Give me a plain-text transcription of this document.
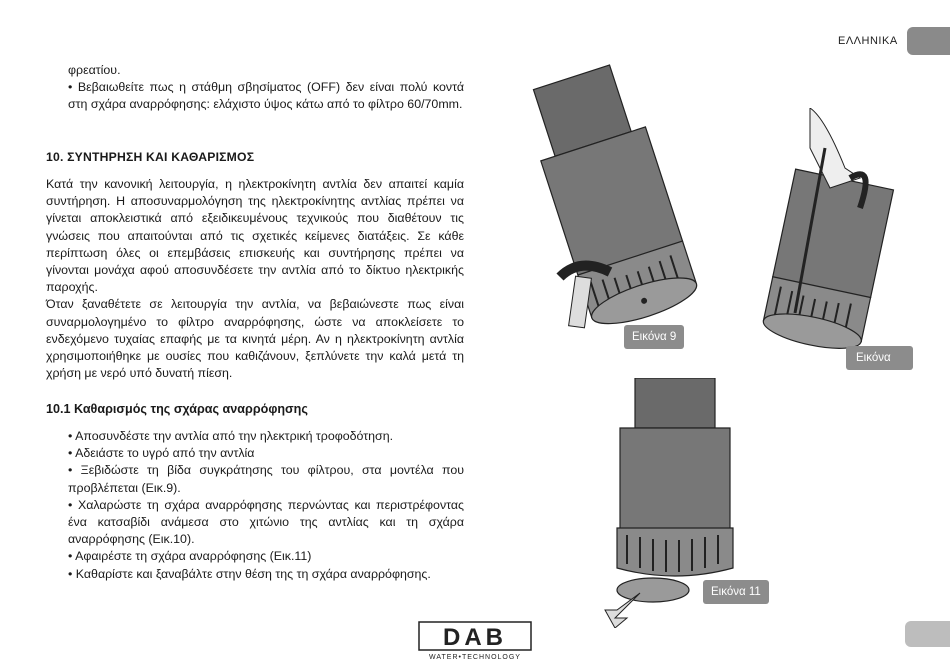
ΕΛΛΗΝΙΚΑ

φρεατίου.

• Βεβαιωθείτε πως η στάθμη σβησίματος (OFF) δεν είναι πολύ κοντά στη σχάρα αναρρόφησης: ελάχιστο ύψος κάτω από το φίλτρο 60/70mm.

10. ΣΥΝΤΗΡΗΣΗ ΚΑΙ ΚΑΘΑΡΙΣΜΟΣ

Κατά την κανονική λειτουργία, η ηλεκτροκίνητη αντλία δεν απαιτεί καμία συντήρηση. Η αποσυναρμολόγηση της ηλεκτροκίνητης αντλίας πρέπει να γίνεται αποκλειστικά από εξειδικευμένους τεχνικούς που διαθέτουν τις γνώσεις που απαιτούνται από τις σχετικές κείμενες διατάξεις. Σε κάθε περίπτωση όλες οι επεμβάσεις επισκευής και συντήρησης πρέπει να γίνονται μονάχα αφού αποσυνδέσετε την αντλία από το δίκτυο ηλεκτρικής παροχής.

Όταν ξαναθέτετε σε λειτουργία την αντλία, να βεβαιώνεστε πως είναι συναρμολογημένο το φίλτρο αναρρόφησης, ώστε να αποκλείσετε το ενδεχόμενο τυχαίας επαφής με τα κινητά μέρη. Αν η ηλεκτροκίνητη αντλία χρησιμοποιήθηκε με ουσίες που καθιζάνουν, ξεπλύνετε την καλά μετά τη χρήση με νερό υπό δυνατή πίεση.

10.1 Καθαρισμός της σχάρας αναρρόφησης

• Αποσυνδέστε την αντλία από την ηλεκτρική τροφοδότηση.

• Αδειάστε το υγρό από την αντλία

• Ξεβιδώστε τη βίδα συγκράτησης του φίλτρου, στα μοντέλα που προβλέπεται (Εικ.9).

• Χαλαρώστε τη σχάρα αναρρόφησης περνώντας και περιστρέφοντας ένα κατσαβίδι ανάμεσα στο χιτώνιο της αντλίας και τη σχάρα αναρρόφησης (Εικ.10).

• Αφαιρέστε τη σχάρα αναρρόφησης (Εικ.11)

• Καθαρίστε και ξαναβάλτε στην θέση της τη σχάρα αναρρόφησης.

Εικόνα 9
Εικόνα
Εικόνα 11
DAB
WATER•TECHNOLOGY
